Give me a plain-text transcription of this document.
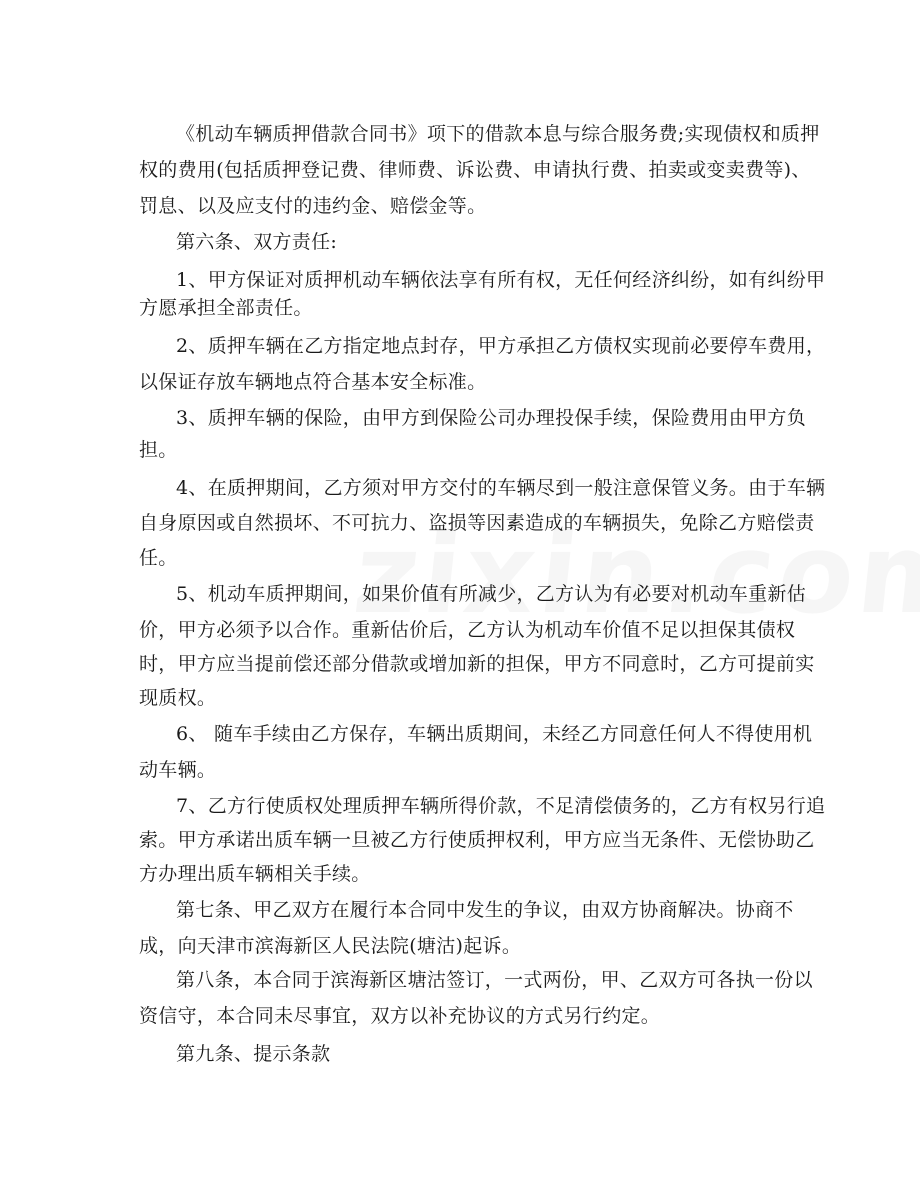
《机动车辆质押借款合同书》项下的借款本息与综合服务费;实现债权和质押
权的费用(包括质押登记费、律师费、诉讼费、申请执行费、拍卖或变卖费等)、
罚息、以及应支付的违约金、赔偿金等。
第六条、双方责任:
1、甲方保证对质押机动车辆依法享有所有权，无任何经济纠纷，如有纠纷甲
方愿承担全部责任。
2、质押车辆在乙方指定地点封存，甲方承担乙方债权实现前必要停车费用，
以保证存放车辆地点符合基本安全标准。
3、质押车辆的保险，由甲方到保险公司办理投保手续，保险费用由甲方负
担。
4、在质押期间，乙方须对甲方交付的车辆尽到一般注意保管义务。由于车辆
自身原因或自然损坏、不可抗力、盗损等因素造成的车辆损失，免除乙方赔偿责
任。
5、机动车质押期间，如果价值有所减少，乙方认为有必要对机动车重新估
价，甲方必须予以合作。重新估价后，乙方认为机动车价值不足以担保其债权
时，甲方应当提前偿还部分借款或增加新的担保，甲方不同意时，乙方可提前实
现质权。
6、 随车手续由乙方保存，车辆出质期间，未经乙方同意任何人不得使用机
动车辆。
7、乙方行使质权处理质押车辆所得价款，不足清偿债务的，乙方有权另行追
索。甲方承诺出质车辆一旦被乙方行使质押权利，甲方应当无条件、无偿协助乙
方办理出质车辆相关手续。
第七条、甲乙双方在履行本合同中发生的争议，由双方协商解决。协商不
成，向天津市滨海新区人民法院(塘沽)起诉。
第八条，本合同于滨海新区塘沽签订，一式两份，甲、乙双方可各执一份以
资信守，本合同未尽事宜，双方以补充协议的方式另行约定。
第九条、提示条款
